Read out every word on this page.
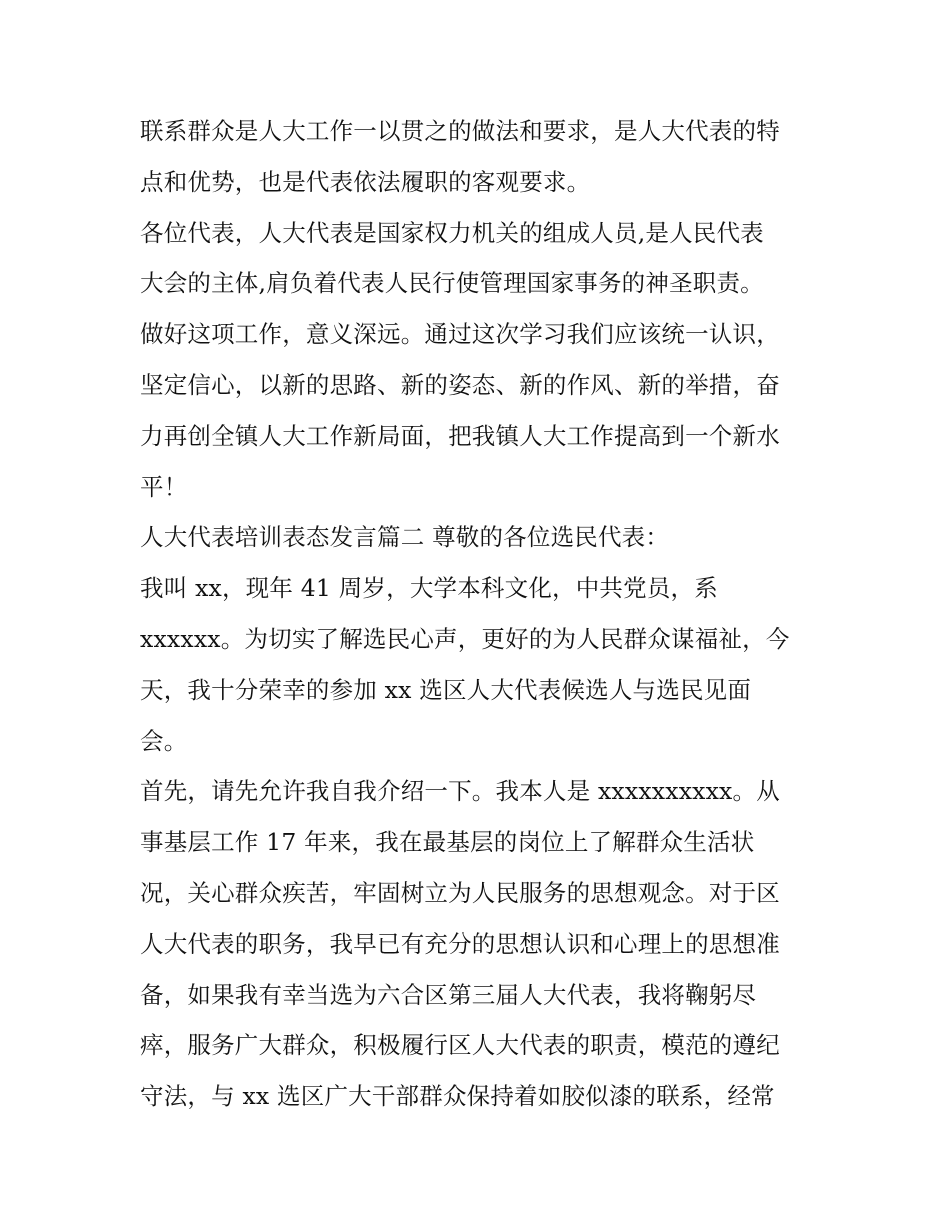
联系群众是人大工作一以贯之的做法和要求，是人大代表的特
点和优势，也是代表依法履职的客观要求。
各位代表，人大代表是国家权力机关的组成人员,是人民代表
大会的主体,肩负着代表人民行使管理国家事务的神圣职责。
做好这项工作，意义深远。通过这次学习我们应该统一认识，
坚定信心，以新的思路、新的姿态、新的作风、新的举措，奋
力再创全镇人大工作新局面，把我镇人大工作提高到一个新水
平！
人大代表培训表态发言篇二 尊敬的各位选民代表：
我叫 xx，现年 41 周岁，大学本科文化，中共党员，系
xxxxxx。为切实了解选民心声，更好的为人民群众谋福祉，今
天，我十分荣幸的参加 xx 选区人大代表候选人与选民见面
会。
首先，请先允许我自我介绍一下。我本人是 xxxxxxxxxx。从
事基层工作 17 年来，我在最基层的岗位上了解群众生活状
况，关心群众疾苦，牢固树立为人民服务的思想观念。对于区
人大代表的职务，我早已有充分的思想认识和心理上的思想准
备，如果我有幸当选为六合区第三届人大代表，我将鞠躬尽
瘁，服务广大群众，积极履行区人大代表的职责，模范的遵纪
守法，与 xx 选区广大干部群众保持着如胶似漆的联系，经常
